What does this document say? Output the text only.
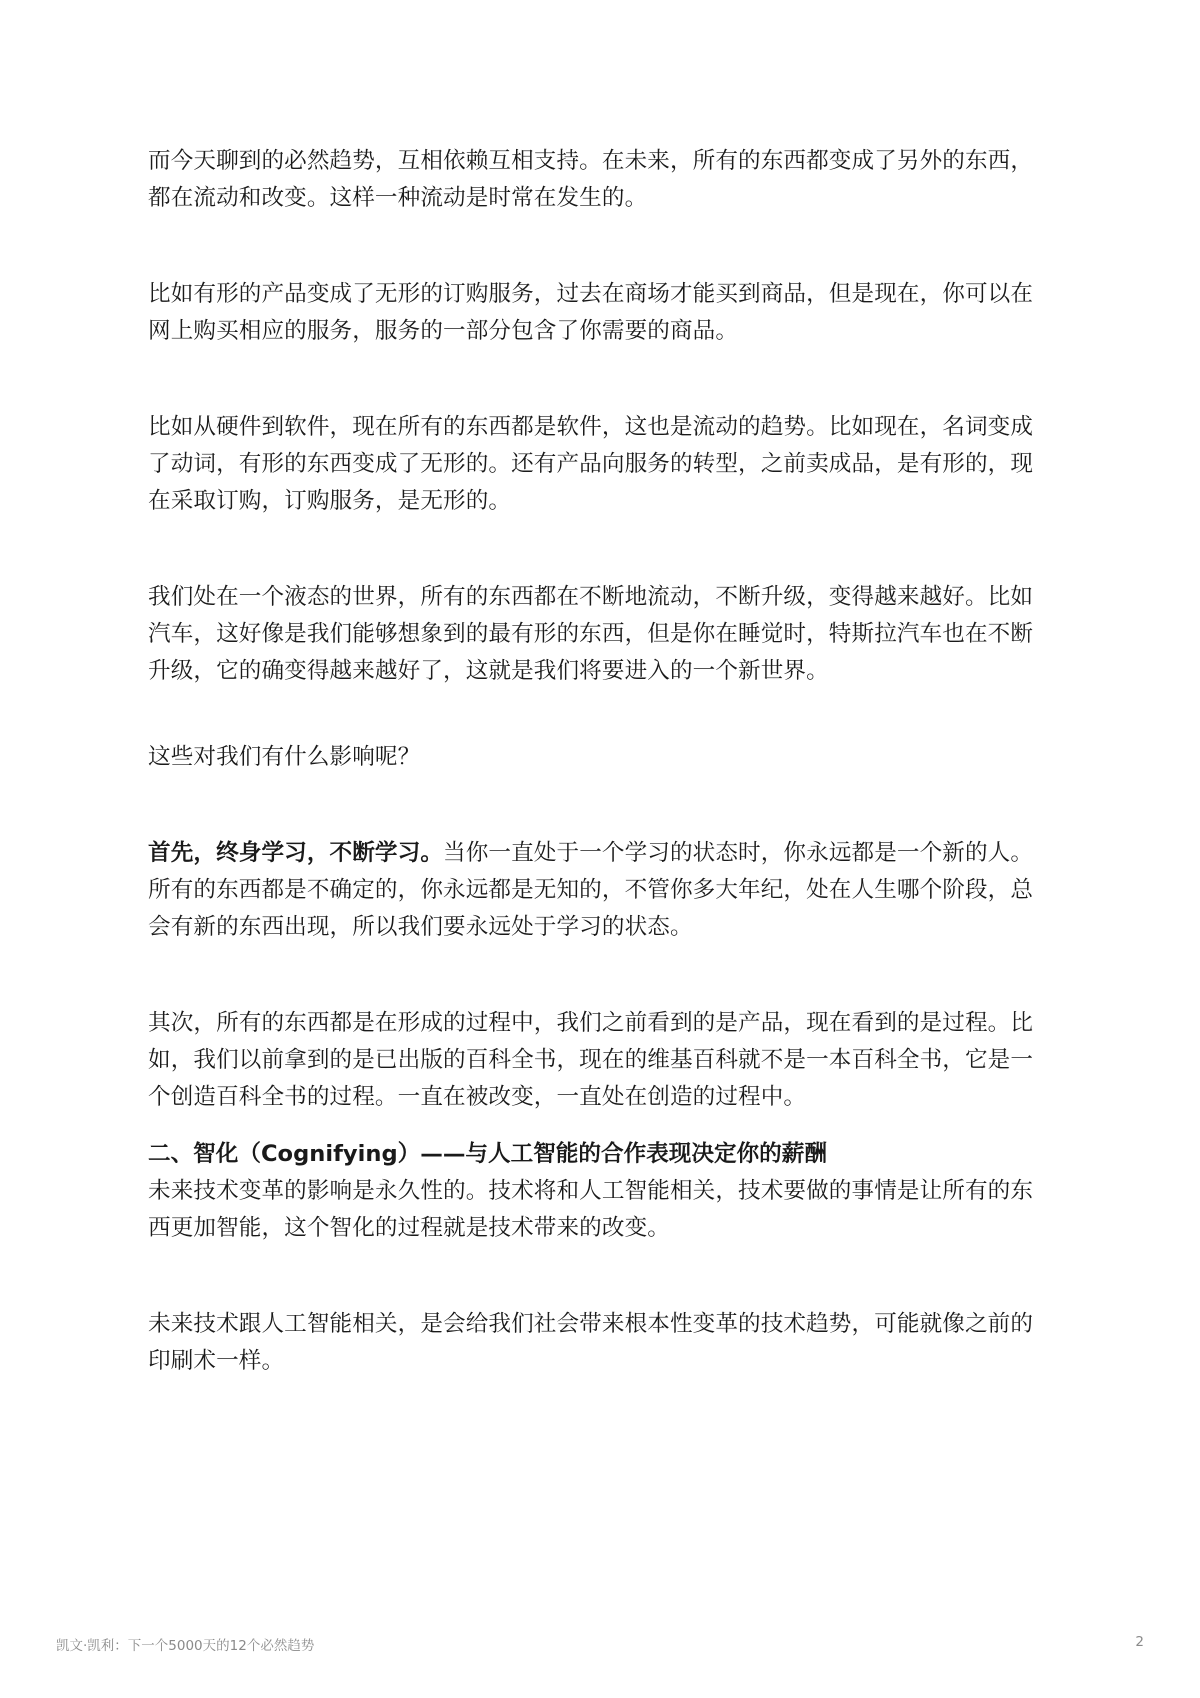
而今天聊到的必然趋势，互相依赖互相支持。在未来，所有的东西都变成了另外的东西，都在流动和改变。这样一种流动是时常在发生的。

比如有形的产品变成了无形的订购服务，过去在商场才能买到商品，但是现在，你可以在网上购买相应的服务，服务的一部分包含了你需要的商品。

比如从硬件到软件，现在所有的东西都是软件，这也是流动的趋势。比如现在，名词变成了动词，有形的东西变成了无形的。还有产品向服务的转型，之前卖成品，是有形的，现在采取订购，订购服务，是无形的。

我们处在一个液态的世界，所有的东西都在不断地流动，不断升级，变得越来越好。比如汽车，这好像是我们能够想象到的最有形的东西，但是你在睡觉时，特斯拉汽车也在不断升级，它的确变得越来越好了，这就是我们将要进入的一个新世界。

这些对我们有什么影响呢？

首先，终身学习，不断学习。当你一直处于一个学习的状态时，你永远都是一个新的人。所有的东西都是不确定的，你永远都是无知的，不管你多大年纪，处在人生哪个阶段，总会有新的东西出现，所以我们要永远处于学习的状态。

其次，所有的东西都是在形成的过程中，我们之前看到的是产品，现在看到的是过程。比如，我们以前拿到的是已出版的百科全书，现在的维基百科就不是一本百科全书，它是一个创造百科全书的过程。一直在被改变，一直处在创造的过程中。

二、智化（Cognifying）——与人工智能的合作表现决定你的薪酬

未来技术变革的影响是永久性的。技术将和人工智能相关，技术要做的事情是让所有的东西更加智能，这个智化的过程就是技术带来的改变。

未来技术跟人工智能相关，是会给我们社会带来根本性变革的技术趋势，可能就像之前的印刷术一样。

凯文·凯利：下一个5000天的12个必然趋势	2
